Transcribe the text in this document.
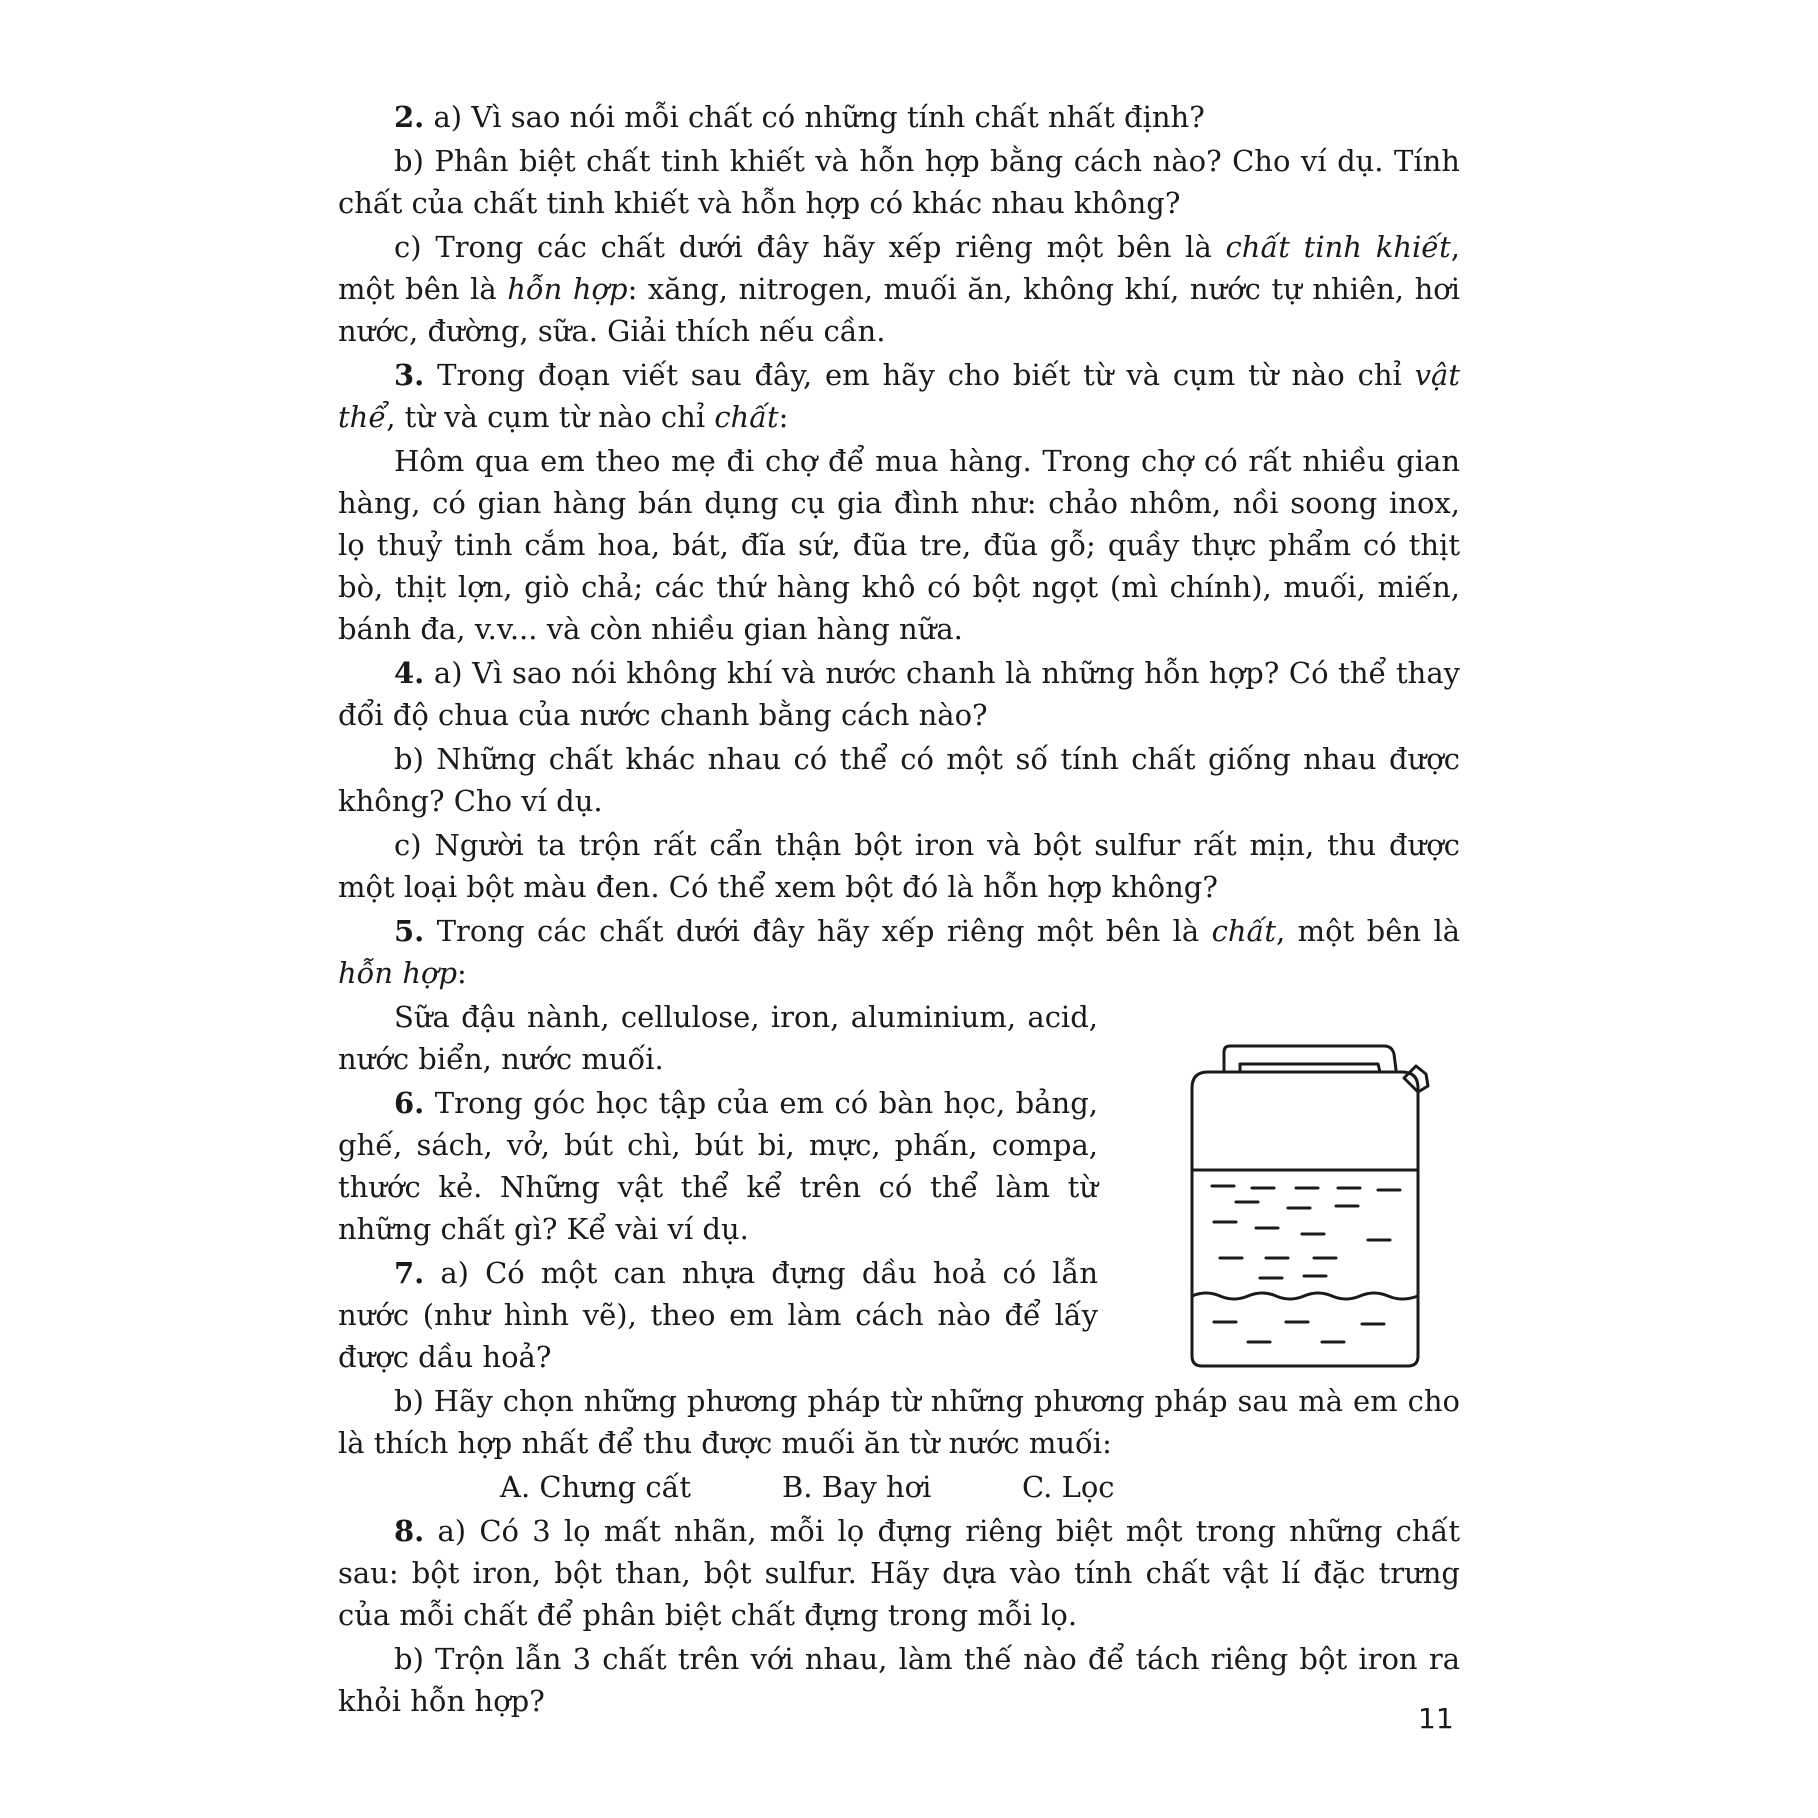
2. a) Vì sao nói mỗi chất có những tính chất nhất định?

b) Phân biệt chất tinh khiết và hỗn hợp bằng cách nào? Cho ví dụ. Tính chất của chất tinh khiết và hỗn hợp có khác nhau không?

c) Trong các chất dưới đây hãy xếp riêng một bên là chất tinh khiết, một bên là hỗn hợp: xăng, nitrogen, muối ăn, không khí, nước tự nhiên, hơi nước, đường, sữa. Giải thích nếu cần.

3. Trong đoạn viết sau đây, em hãy cho biết từ và cụm từ nào chỉ vật thể, từ và cụm từ nào chỉ chất:

Hôm qua em theo mẹ đi chợ để mua hàng. Trong chợ có rất nhiều gian hàng, có gian hàng bán dụng cụ gia đình như: chảo nhôm, nồi soong inox, lọ thuỷ tinh cắm hoa, bát, đĩa sứ, đũa tre, đũa gỗ; quầy thực phẩm có thịt bò, thịt lợn, giò chả; các thứ hàng khô có bột ngọt (mì chính), muối, miến, bánh đa, v.v... và còn nhiều gian hàng nữa.

4. a) Vì sao nói không khí và nước chanh là những hỗn hợp? Có thể thay đổi độ chua của nước chanh bằng cách nào?

b) Những chất khác nhau có thể có một số tính chất giống nhau được không? Cho ví dụ.

c) Người ta trộn rất cẩn thận bột iron và bột sulfur rất mịn, thu được một loại bột màu đen. Có thể xem bột đó là hỗn hợp không?

5. Trong các chất dưới đây hãy xếp riêng một bên là chất, một bên là hỗn hợp:

Sữa đậu nành, cellulose, iron, aluminium, acid, nước biển, nước muối.

6. Trong góc học tập của em có bàn học, bảng, ghế, sách, vở, bút chì, bút bi, mực, phấn, compa, thước kẻ. Những vật thể kể trên có thể làm từ những chất gì? Kể vài ví dụ.

7. a) Có một can nhựa đựng dầu hoả có lẫn nước (như hình vẽ), theo em làm cách nào để lấy được dầu hoả?

b) Hãy chọn những phương pháp từ những phương pháp sau mà em cho là thích hợp nhất để thu được muối ăn từ nước muối:

A. Chưng cất	B. Bay hơi	C. Lọc

8. a) Có 3 lọ mất nhãn, mỗi lọ đựng riêng biệt một trong những chất sau: bột iron, bột than, bột sulfur. Hãy dựa vào tính chất vật lí đặc trưng của mỗi chất để phân biệt chất đựng trong mỗi lọ.

b) Trộn lẫn 3 chất trên với nhau, làm thế nào để tách riêng bột iron ra khỏi hỗn hợp?

11
